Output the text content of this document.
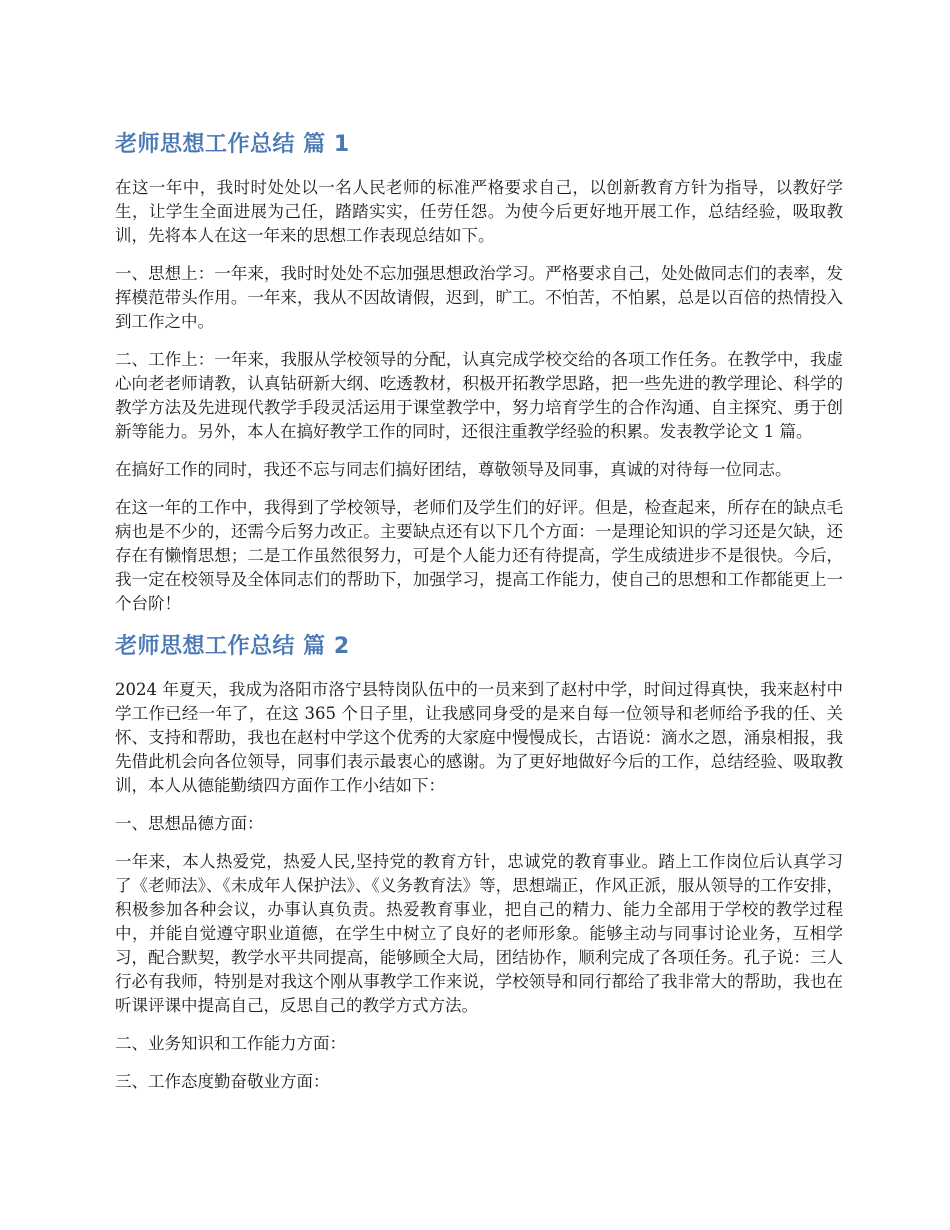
老师思想工作总结 篇 1

在这一年中，我时时处处以一名人民老师的标准严格要求自己，以创新教育方针为指导，以教好学生，让学生全面进展为己任，踏踏实实，任劳任怨。为使今后更好地开展工作，总结经验，吸取教训，先将本人在这一年来的思想工作表现总结如下。

一、思想上：一年来，我时时处处不忘加强思想政治学习。严格要求自己，处处做同志们的表率，发挥模范带头作用。一年来，我从不因故请假，迟到，旷工。不怕苦，不怕累，总是以百倍的热情投入到工作之中。

二、工作上：一年来，我服从学校领导的分配，认真完成学校交给的各项工作任务。在教学中，我虚心向老老师请教，认真钻研新大纲、吃透教材，积极开拓教学思路，把一些先进的教学理论、科学的教学方法及先进现代教学手段灵活运用于课堂教学中，努力培育学生的合作沟通、自主探究、勇于创新等能力。另外，本人在搞好教学工作的同时，还很注重教学经验的积累。发表教学论文 1 篇。

在搞好工作的同时，我还不忘与同志们搞好团结，尊敬领导及同事，真诚的对待每一位同志。

在这一年的工作中，我得到了学校领导，老师们及学生们的好评。但是，检查起来，所存在的缺点毛病也是不少的，还需今后努力改正。主要缺点还有以下几个方面：一是理论知识的学习还是欠缺，还存在有懒惰思想；二是工作虽然很努力，可是个人能力还有待提高，学生成绩进步不是很快。今后，我一定在校领导及全体同志们的帮助下，加强学习，提高工作能力，使自己的思想和工作都能更上一个台阶！

老师思想工作总结 篇 2

2024 年夏天，我成为洛阳市洛宁县特岗队伍中的一员来到了赵村中学，时间过得真快，我来赵村中学工作已经一年了，在这 365 个日子里，让我感同身受的是来自每一位领导和老师给予我的任、关怀、支持和帮助，我也在赵村中学这个优秀的大家庭中慢慢成长，古语说：滴水之恩，涌泉相报，我先借此机会向各位领导，同事们表示最衷心的感谢。为了更好地做好今后的工作，总结经验、吸取教训，本人从德能勤绩四方面作工作小结如下：

一、思想品德方面：

一年来，本人热爱党，热爱人民,坚持党的教育方针，忠诚党的教育事业。踏上工作岗位后认真学习了《老师法》、《未成年人保护法》、《义务教育法》等，思想端正，作风正派，服从领导的工作安排，积极参加各种会议，办事认真负责。热爱教育事业，把自己的精力、能力全部用于学校的教学过程中，并能自觉遵守职业道德，在学生中树立了良好的老师形象。能够主动与同事讨论业务，互相学习，配合默契，教学水平共同提高，能够顾全大局，团结协作，顺利完成了各项任务。孔子说：三人行必有我师，特别是对我这个刚从事教学工作来说，学校领导和同行都给了我非常大的帮助，我也在听课评课中提高自己，反思自己的教学方式方法。

二、业务知识和工作能力方面：

三、工作态度勤奋敬业方面：
